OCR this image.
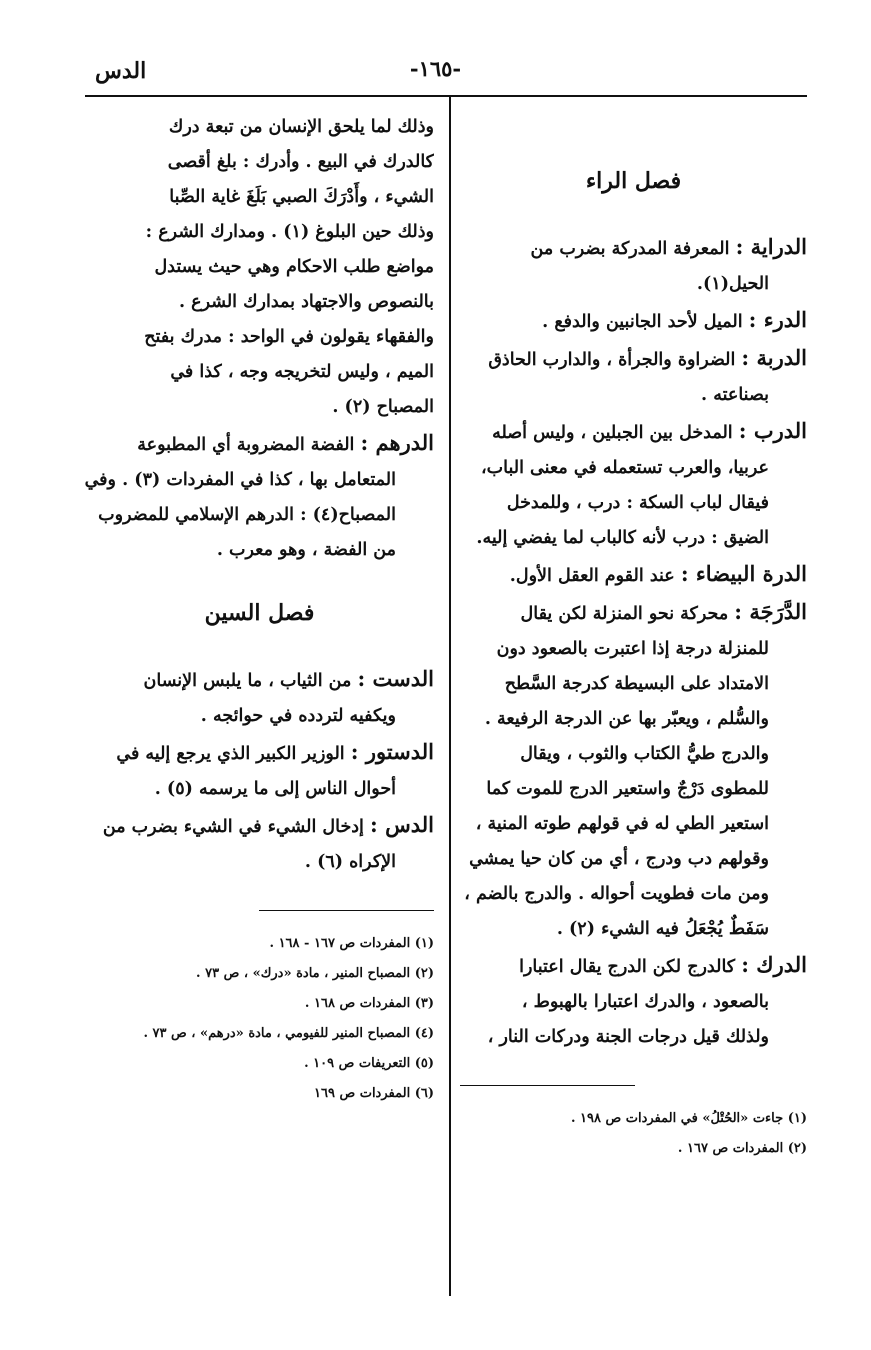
الدس	-١٦٥-
فصل الراء
الدراية : المعرفة المدركة بضرب من
الحيل(١).
الدرء : الميل لأحد الجانبين والدفع .
الدربة : الضراوة والجرأة ، والدارب الحاذق
بصناعته .
الدرب : المدخل بين الجبلين ، وليس أصله
عربيا، والعرب تستعمله في معنى الباب،
فيقال لباب السكة : درب ، وللمدخل
الضيق : درب لأنه كالباب لما يفضي إليه.
الدرة البيضاء : عند القوم العقل الأول.
الدَّرَجَة : محركة نحو المنزلة لكن يقال
للمنزلة درجة إذا اعتبرت بالصعود دون
الامتداد على البسيطة كدرجة السَّطح
والسُّلم ، ويعبّر بها عن الدرجة الرفيعة .
والدرج طيُّ الكتاب والثوب ، ويقال
للمطوى دَرْجٌ واستعير الدرج للموت كما
استعير الطي له في قولهم طوته المنية ،
وقولهم دب ودرج ، أي من كان حيا يمشي
ومن مات فطويت أحواله . والدرج بالضم ،
سَفَطٌ يُجْعَلُ فيه الشيء (٢) .
الدرك : كالدرج لكن الدرج يقال اعتبارا
بالصعود ، والدرك اعتبارا بالهبوط ،
ولذلك قيل درجات الجنة ودركات النار ،
(١) جاءت «الحُتْلُ» في المفردات ص ١٩٨ .
(٢) المفردات ص ١٦٧ .
وذلك لما يلحق الإنسان من تبعة درك
كالدرك في البيع . وأدرك : بلغ أقصى
الشيء ، وأَدْرَكَ الصبي بَلَغَ غاية الصِّبا
وذلك حين البلوغ (١) . ومدارك الشرع :
مواضع طلب الاحكام وهي حيث يستدل
بالنصوص والاجتهاد بمدارك الشرع .
والفقهاء يقولون في الواحد : مدرك بفتح
الميم ، وليس لتخريجه وجه ، كذا في
المصباح (٢) .
الدرهم : الفضة المضروبة أي المطبوعة
المتعامل بها ، كذا في المفردات (٣) . وفي
المصباح(٤) : الدرهم الإسلامي للمضروب
من الفضة ، وهو معرب .
فصل السين
الدست : من الثياب ، ما يلبس الإنسان
ويكفيه لتردده في حوائجه .
الدستور : الوزير الكبير الذي يرجع إليه في
أحوال الناس إلى ما يرسمه (٥) .
الدس : إدخال الشيء في الشيء بضرب من
الإكراه (٦) .
(١) المفردات ص ١٦٧ - ١٦٨ .
(٢) المصباح المنير ، مادة «درك» ، ص ٧٣ .
(٣) المفردات ص ١٦٨ .
(٤) المصباح المنير للفيومي ، مادة «درهم» ، ص ٧٣ .
(٥) التعريفات ص ١٠٩ .
(٦) المفردات ص ١٦٩
